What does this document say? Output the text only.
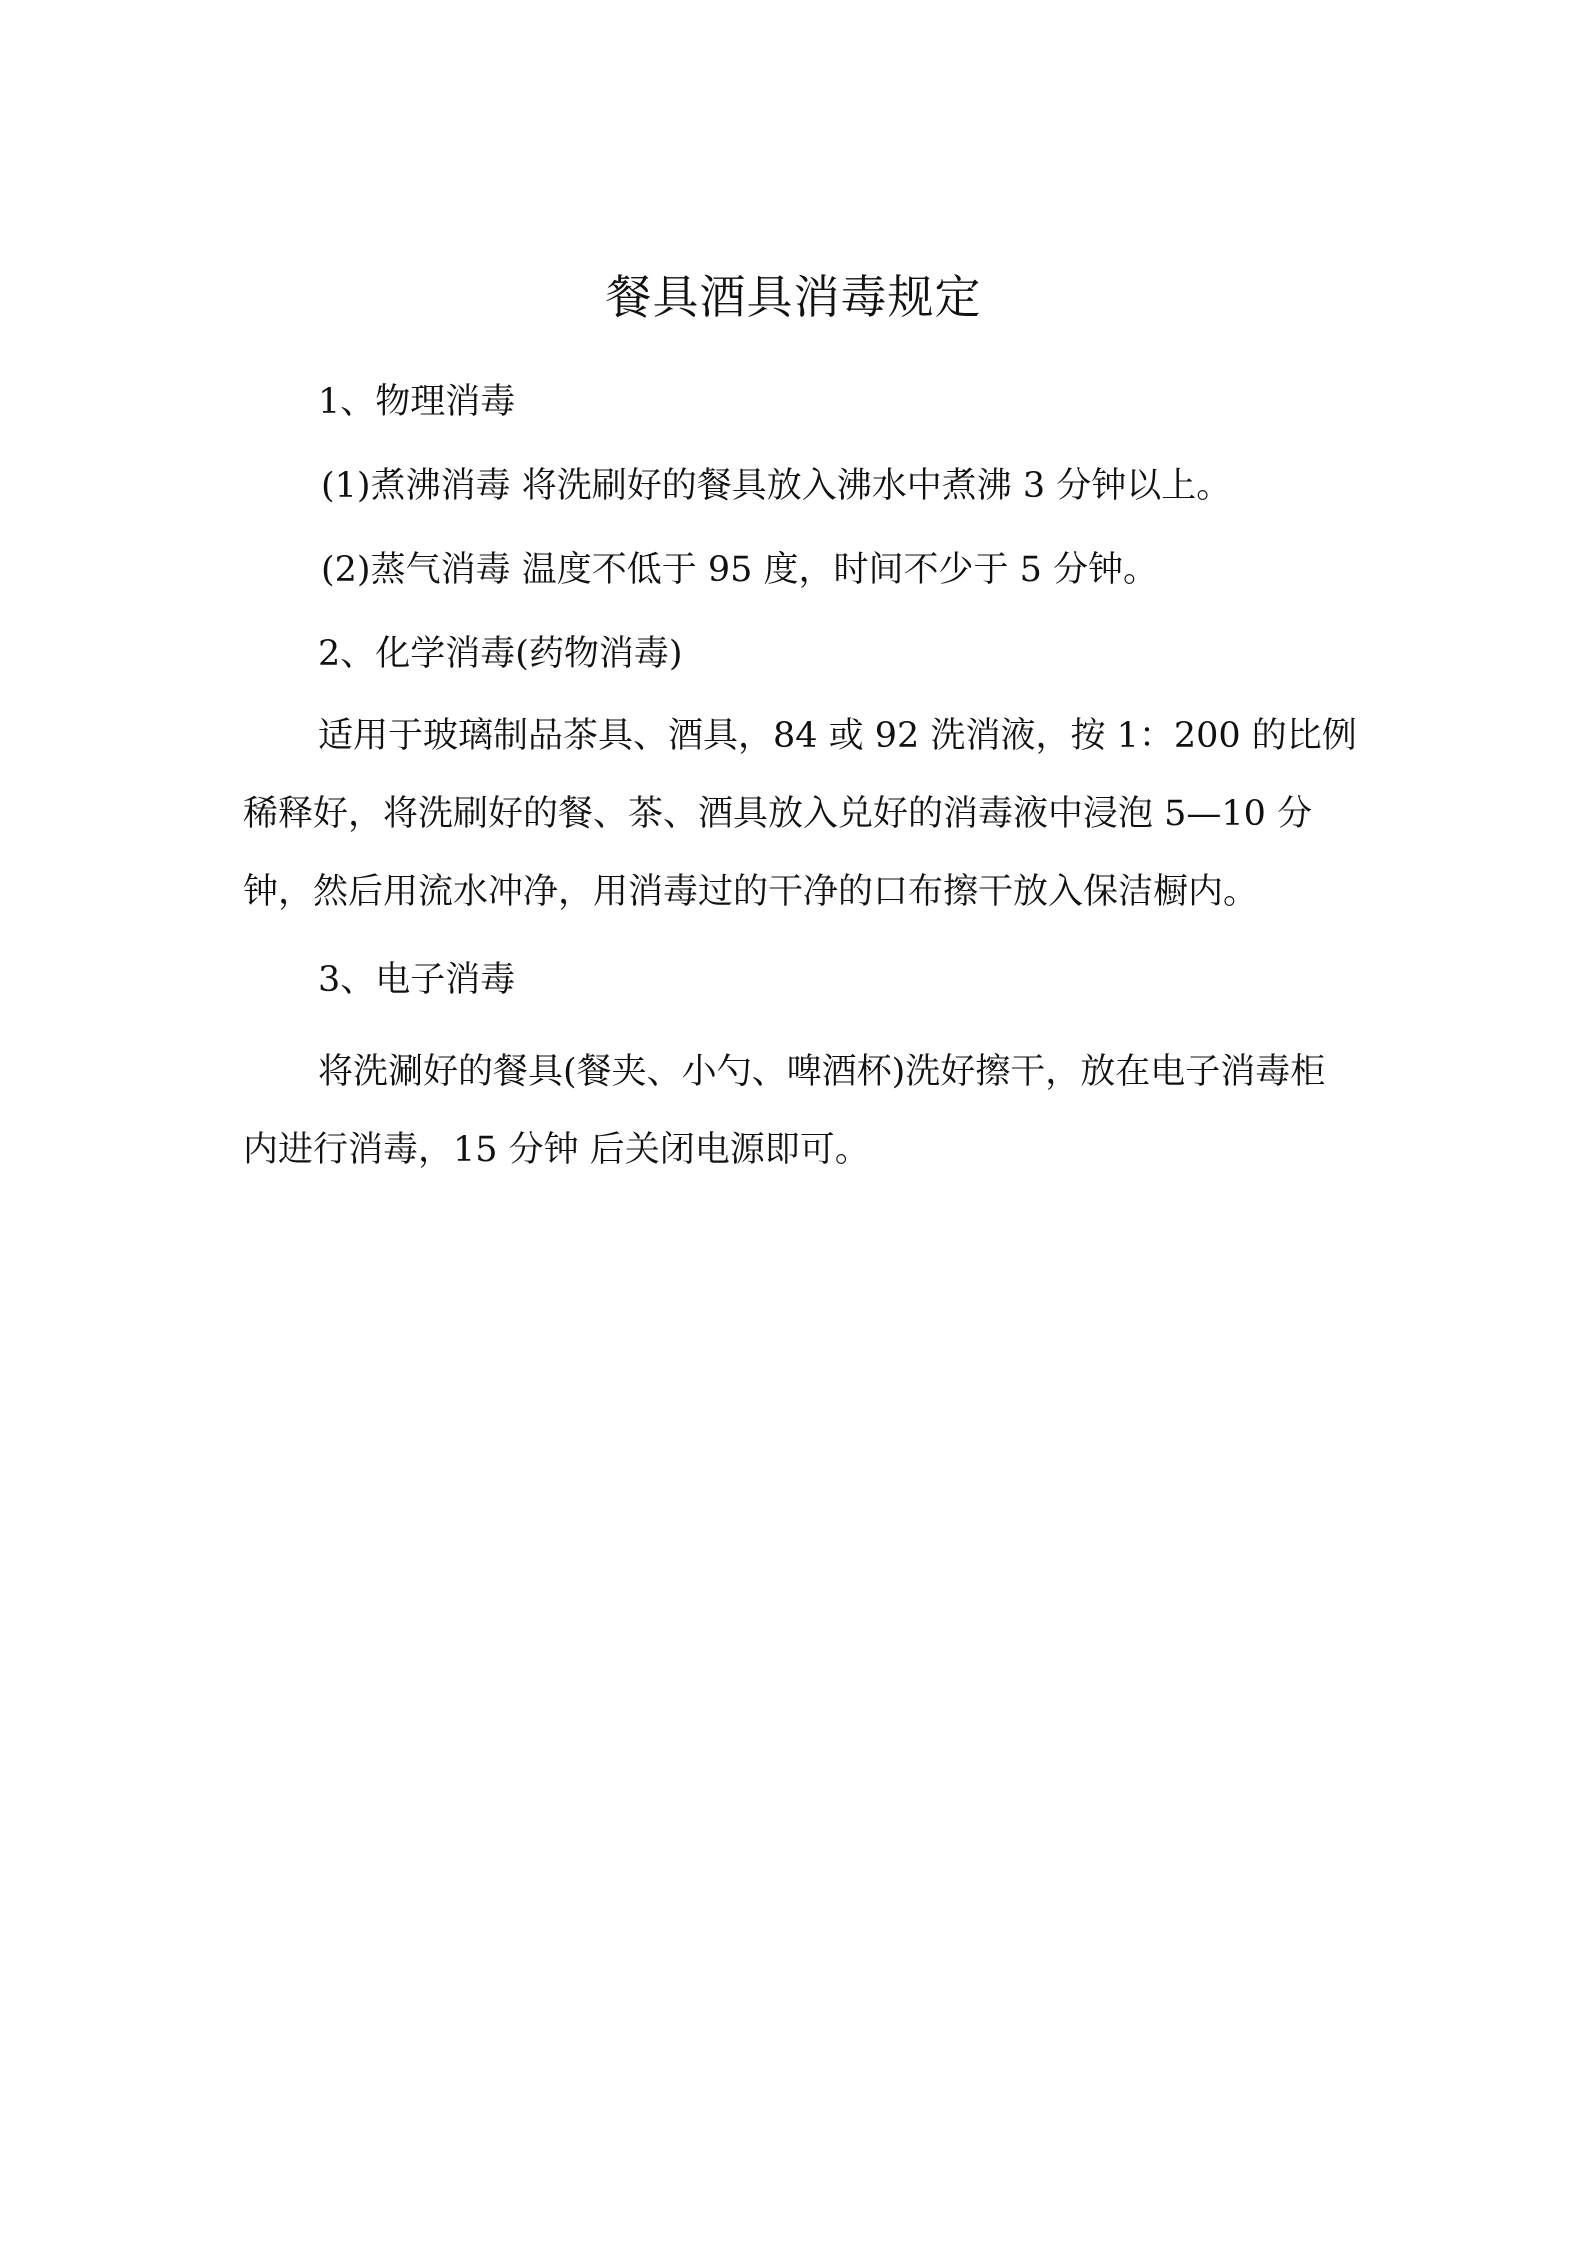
餐具酒具消毒规定
1、物理消毒
(1)煮沸消毒 将洗刷好的餐具放入沸水中煮沸 3 分钟以上。
(2)蒸气消毒 温度不低于 95 度，时间不少于 5 分钟。
2、化学消毒(药物消毒)

适用于玻璃制品茶具、酒具，84 或 92 洗消液，按 1：200 的比例稀释好，将洗刷好的餐、茶、酒具放入兑好的消毒液中浸泡 5—10 分钟，然后用流水冲净，用消毒过的干净的口布擦干放入保洁橱内。

3、电子消毒

将洗涮好的餐具(餐夹、小勺、啤酒杯)洗好擦干，放在电子消毒柜内进行消毒，15 分钟 后关闭电源即可。
